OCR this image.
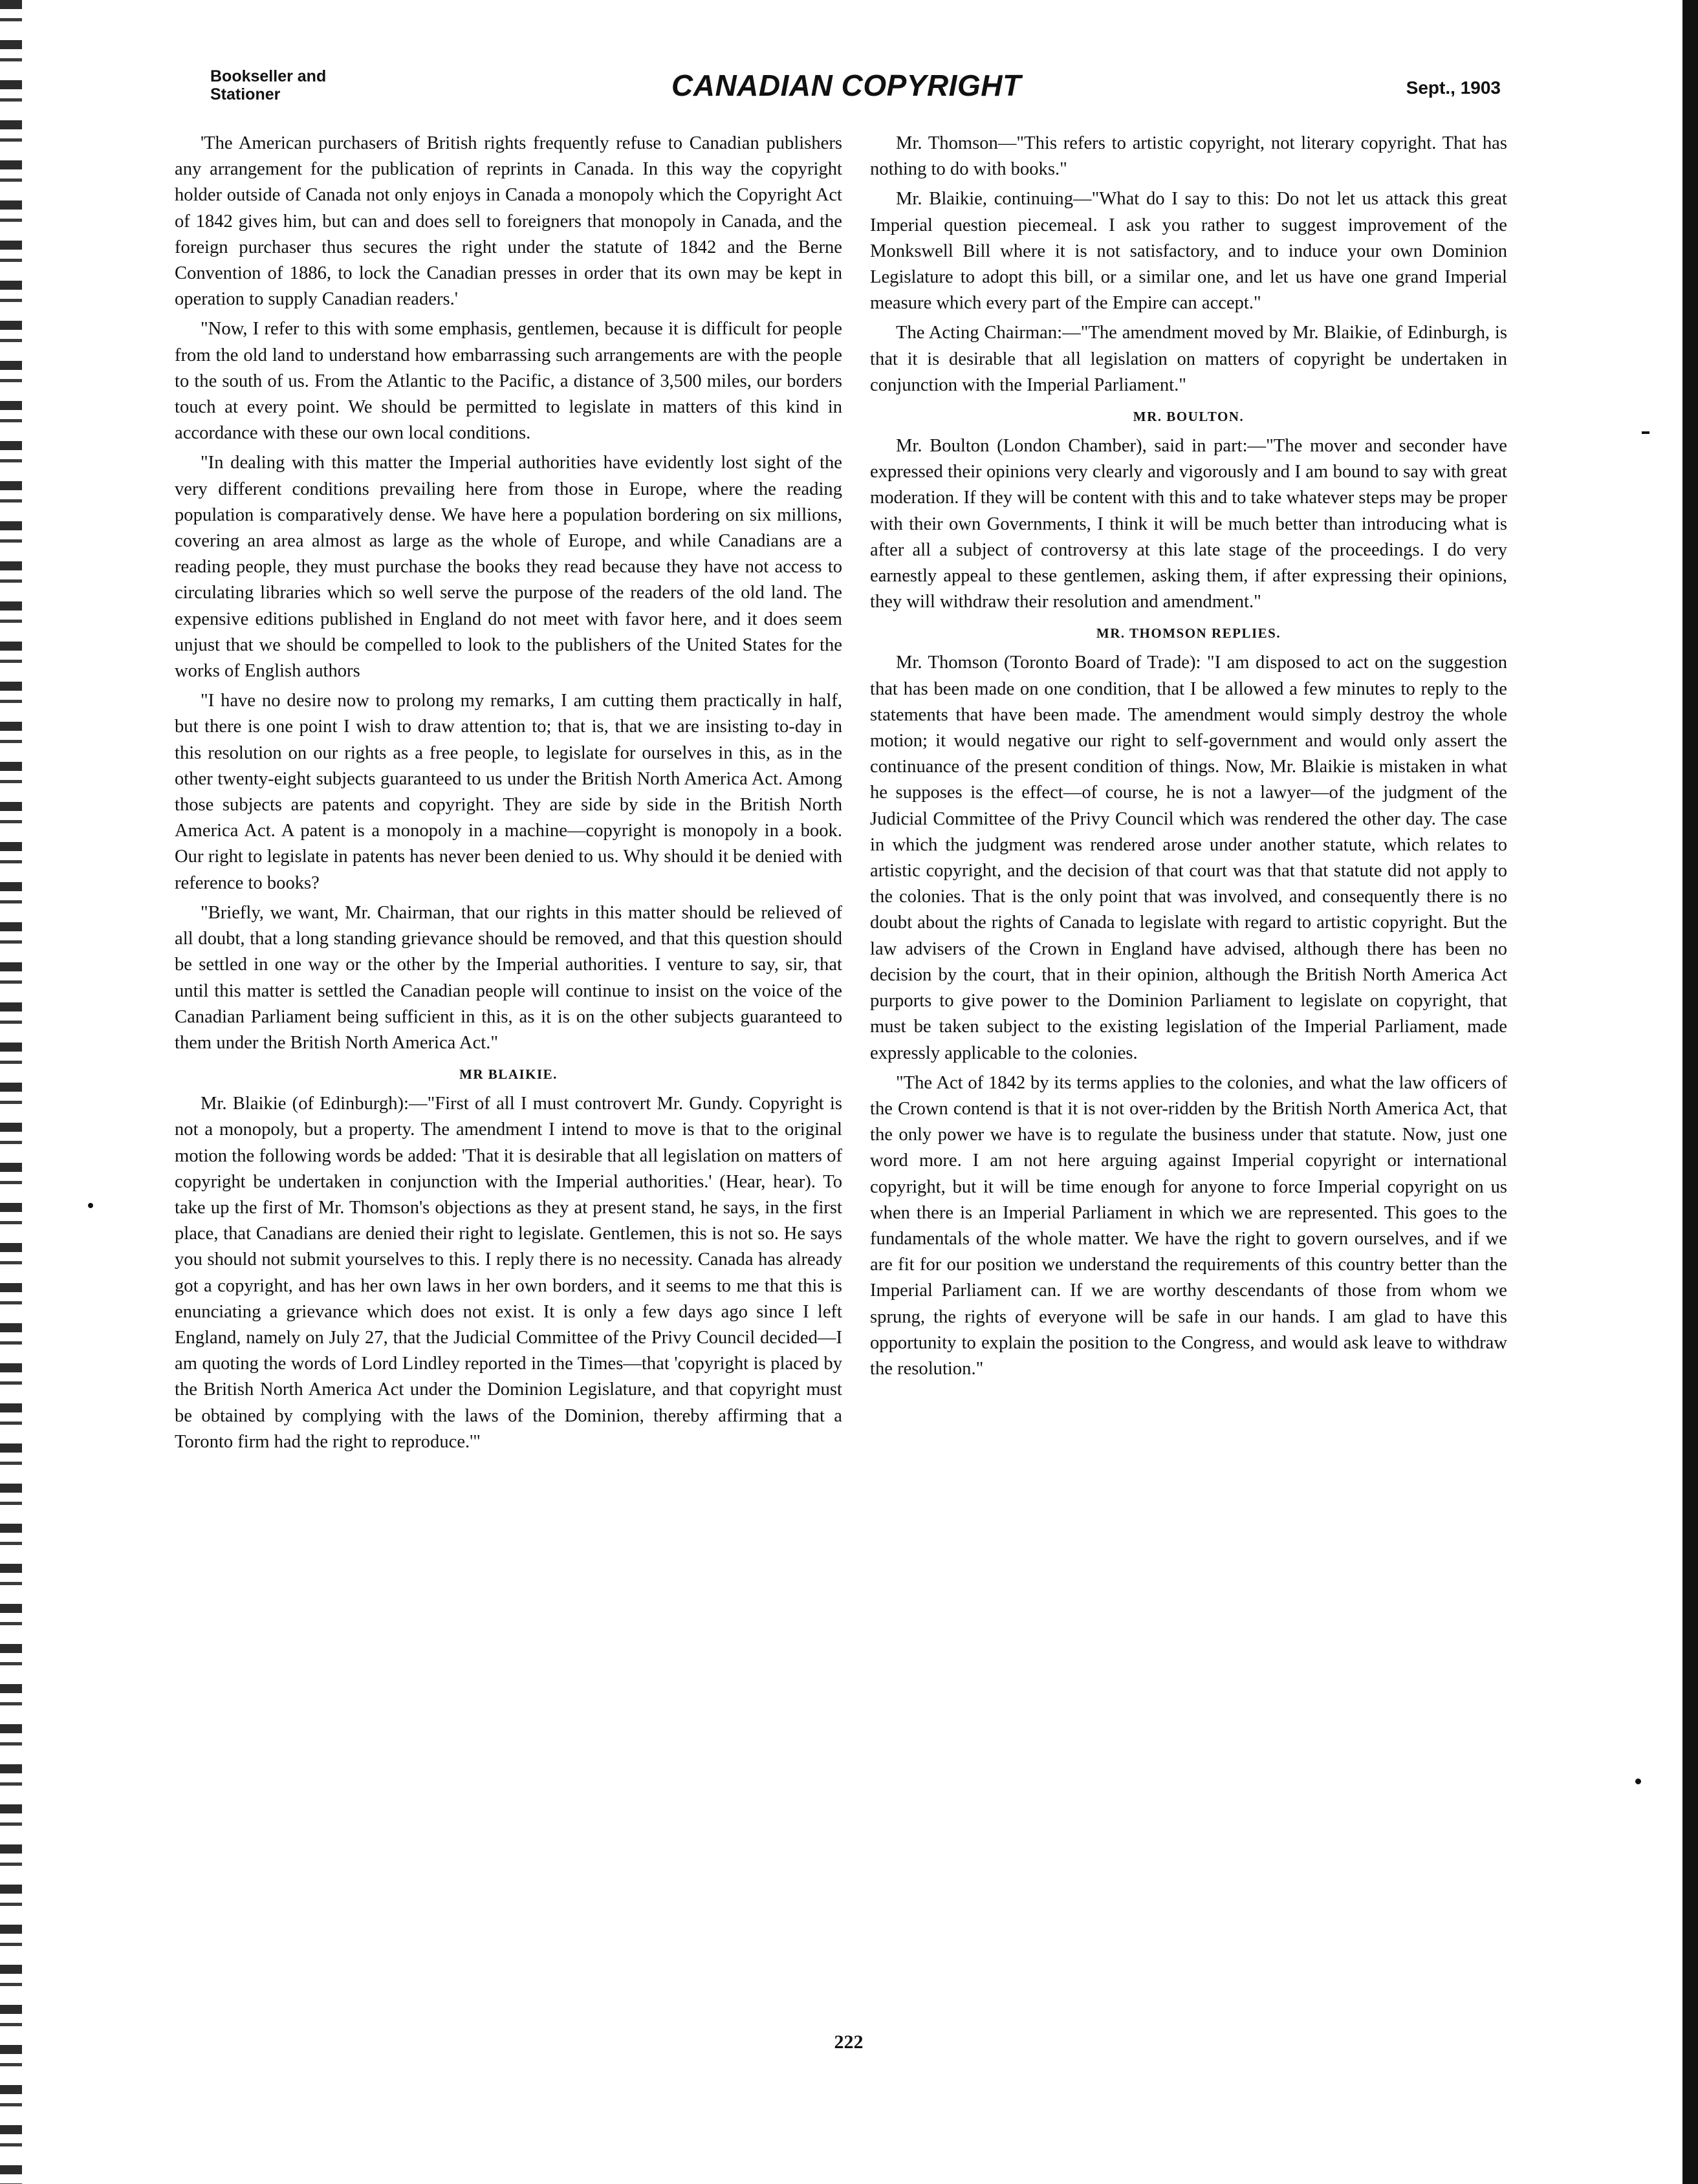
Bookseller and
Stationer	CANADIAN COPYRIGHT	Sept., 1903

'The American purchasers of British rights frequently refuse to Canadian publishers any arrangement for the publication of reprints in Canada. In this way the copyright holder outside of Canada not only enjoys in Canada a monopoly which the Copyright Act of 1842 gives him, but can and does sell to foreigners that monopoly in Canada, and the foreign purchaser thus secures the right under the statute of 1842 and the Berne Convention of 1886, to lock the Canadian presses in order that its own may be kept in operation to supply Canadian readers.'

"Now, I refer to this with some emphasis, gentlemen, because it is difficult for people from the old land to understand how embarrassing such arrangements are with the people to the south of us. From the Atlantic to the Pacific, a distance of 3,500 miles, our borders touch at every point. We should be permitted to legislate in matters of this kind in accordance with these our own local conditions.

"In dealing with this matter the Imperial authorities have evidently lost sight of the very different conditions prevailing here from those in Europe, where the reading population is comparatively dense. We have here a population bordering on six millions, covering an area almost as large as the whole of Europe, and while Canadians are a reading people, they must purchase the books they read because they have not access to circulating libraries which so well serve the purpose of the readers of the old land. The expensive editions published in England do not meet with favor here, and it does seem unjust that we should be compelled to look to the publishers of the United States for the works of English authors

"I have no desire now to prolong my remarks, I am cutting them practically in half, but there is one point I wish to draw attention to; that is, that we are insisting to-day in this resolution on our rights as a free people, to legislate for ourselves in this, as in the other twenty-eight subjects guaranteed to us under the British North America Act. Among those subjects are patents and copyright. They are side by side in the British North America Act. A patent is a monopoly in a machine—copyright is monopoly in a book. Our right to legislate in patents has never been denied to us. Why should it be denied with reference to books?

"Briefly, we want, Mr. Chairman, that our rights in this matter should be relieved of all doubt, that a long standing grievance should be removed, and that this question should be settled in one way or the other by the Imperial authorities. I venture to say, sir, that until this matter is settled the Canadian people will continue to insist on the voice of the Canadian Parliament being sufficient in this, as it is on the other subjects guaranteed to them under the British North America Act."

MR BLAIKIE.

Mr. Blaikie (of Edinburgh):—"First of all I must controvert Mr. Gundy. Copyright is not a monopoly, but a property. The amendment I intend to move is that to the original motion the following words be added: 'That it is desirable that all legislation on matters of copyright be undertaken in conjunction with the Imperial authorities.' (Hear, hear). To take up the first of Mr. Thomson's objections as they at present stand, he says, in the first place, that Canadians are denied their right to legislate. Gentlemen, this is not so. He says you should not submit yourselves to this. I reply there is no necessity. Canada has already got a copyright, and has her own laws in her own borders, and it seems to me that this is enunciating a grievance which does not exist. It is only a few days ago since I left England, namely on July 27, that the Judicial Committee of the Privy Council decided—I am quoting the words of Lord Lindley reported in the Times—that 'copyright is placed by the British North America Act under the Dominion Legislature, and that copyright must be obtained by complying with the laws of the Dominion, thereby affirming that a Toronto firm had the right to reproduce.'"

Mr. Thomson—"This refers to artistic copyright, not literary copyright. That has nothing to do with books."

Mr. Blaikie, continuing—"What do I say to this: Do not let us attack this great Imperial question piecemeal. I ask you rather to suggest improvement of the Monkswell Bill where it is not satisfactory, and to induce your own Dominion Legislature to adopt this bill, or a similar one, and let us have one grand Imperial measure which every part of the Empire can accept."

The Acting Chairman:—"The amendment moved by Mr. Blaikie, of Edinburgh, is that it is desirable that all legislation on matters of copyright be undertaken in conjunction with the Imperial Parliament."

MR. BOULTON.

Mr. Boulton (London Chamber), said in part:—"The mover and seconder have expressed their opinions very clearly and vigorously and I am bound to say with great moderation. If they will be content with this and to take whatever steps may be proper with their own Governments, I think it will be much better than introducing what is after all a subject of controversy at this late stage of the proceedings. I do very earnestly appeal to these gentlemen, asking them, if after expressing their opinions, they will withdraw their resolution and amendment."

MR. THOMSON REPLIES.

Mr. Thomson (Toronto Board of Trade): "I am disposed to act on the suggestion that has been made on one condition, that I be allowed a few minutes to reply to the statements that have been made. The amendment would simply destroy the whole motion; it would negative our right to self-government and would only assert the continuance of the present condition of things. Now, Mr. Blaikie is mistaken in what he supposes is the effect—of course, he is not a lawyer—of the judgment of the Judicial Committee of the Privy Council which was rendered the other day. The case in which the judgment was rendered arose under another statute, which relates to artistic copyright, and the decision of that court was that that statute did not apply to the colonies. That is the only point that was involved, and consequently there is no doubt about the rights of Canada to legislate with regard to artistic copyright. But the law advisers of the Crown in England have advised, although there has been no decision by the court, that in their opinion, although the British North America Act purports to give power to the Dominion Parliament to legislate on copyright, that must be taken subject to the existing legislation of the Imperial Parliament, made expressly applicable to the colonies.

"The Act of 1842 by its terms applies to the colonies, and what the law officers of the Crown contend is that it is not over-ridden by the British North America Act, that the only power we have is to regulate the business under that statute. Now, just one word more. I am not here arguing against Imperial copyright or international copyright, but it will be time enough for anyone to force Imperial copyright on us when there is an Imperial Parliament in which we are represented. This goes to the fundamentals of the whole matter. We have the right to govern ourselves, and if we are fit for our position we understand the requirements of this country better than the Imperial Parliament can. If we are worthy descendants of those from whom we sprung, the rights of everyone will be safe in our hands. I am glad to have this opportunity to explain the position to the Congress, and would ask leave to withdraw the resolution."

222
